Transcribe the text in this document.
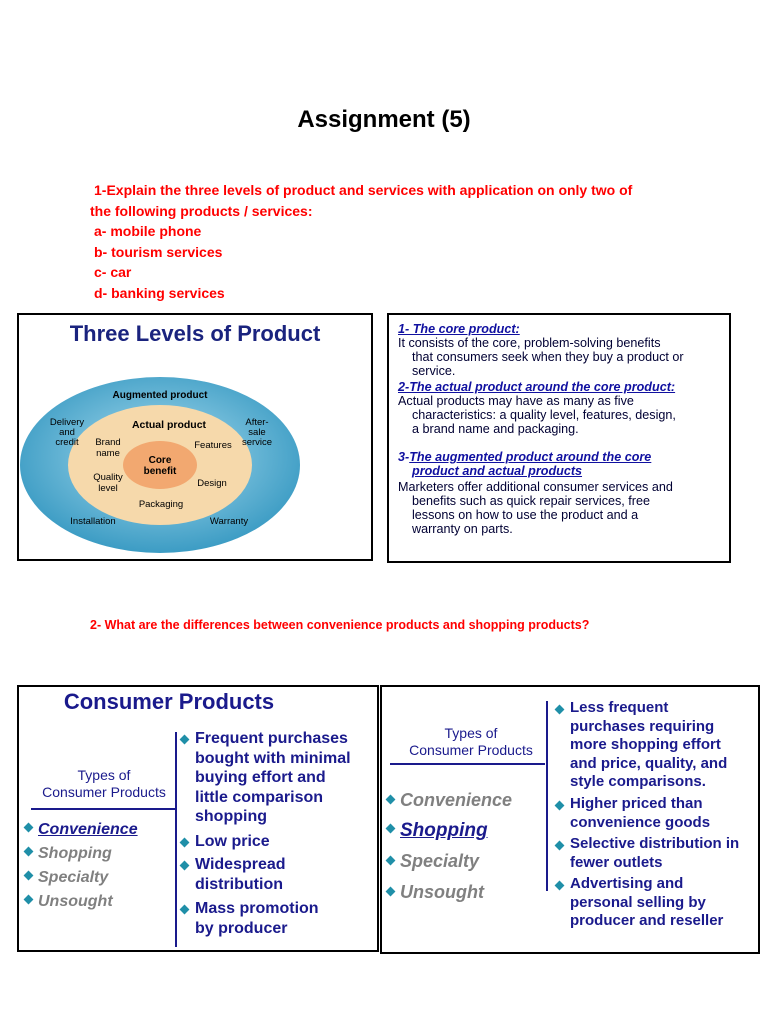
Assignment (5)
1-Explain the three levels of product and services with application on only two of
the following products / services:
a- mobile phone
b- tourism services
c- car
d- banking services
Augmented product
Actual product
Core
benefit
Delivery
and
credit
After-
sale
service
Brand
name
Features
Quality
level	Design
Packaging
Installation	Warranty
Three Levels of Product	1- The core product:
It consists of the core, problem-solving benefits
that consumers seek when they buy a product or
service.
2-The actual product around the core product:
Actual products may have as many as five
characteristics: a quality level, features, design,
a brand name and packaging.
3-The augmented product around the core
product and actual products
Marketers offer additional consumer services and
benefits such as quick repair services, free
lessons on how to use the product and a
warranty on parts.
2- What are the differences between convenience products and shopping products?
Consumer Products
Types of
Consumer Products
Convenience
Shopping
Specialty
Unsought
Frequent purchases
bought with minimal
buying effort and
little comparison
shopping
Low price
Widespread
distribution
Mass promotion
by producer
Types of
Consumer Products
Convenience
Shopping
Specialty
Unsought
Less frequent
purchases requiring
more shopping effort
and price, quality, and
style comparisons.
Higher priced than
convenience goods
Selective distribution in
fewer outlets
Advertising and
personal selling by
producer and reseller
